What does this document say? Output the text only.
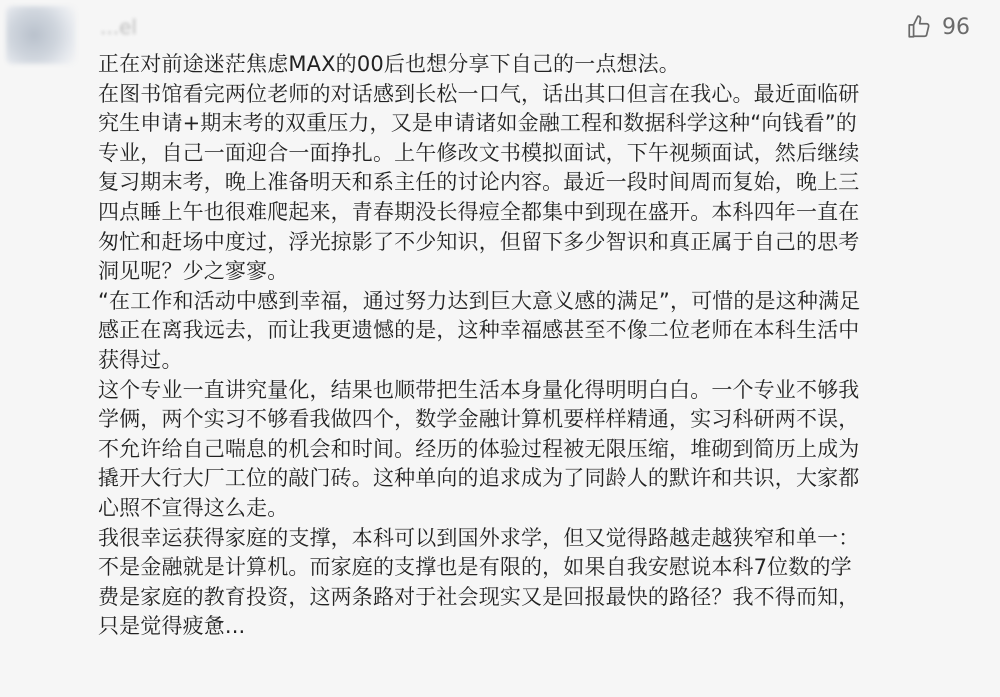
...el	96

正在对前途迷茫焦虑MAX的00后也想分享下自己的一点想法。

在图书馆看完两位老师的对话感到长松一口气，话出其口但言在我心。最近面临研
究生申请+期末考的双重压力，又是申请诸如金融工程和数据科学这种“向钱看”的
专业，自己一面迎合一面挣扎。上午修改文书模拟面试，下午视频面试，然后继续
复习期末考，晚上准备明天和系主任的讨论内容。最近一段时间周而复始，晚上三
四点睡上午也很难爬起来，青春期没长得痘全都集中到现在盛开。本科四年一直在
匆忙和赶场中度过，浮光掠影了不少知识，但留下多少智识和真正属于自己的思考
洞见呢？少之寥寥。

“在工作和活动中感到幸福，通过努力达到巨大意义感的满足”，可惜的是这种满足
感正在离我远去，而让我更遗憾的是，这种幸福感甚至不像二位老师在本科生活中
获得过。

这个专业一直讲究量化，结果也顺带把生活本身量化得明明白白。一个专业不够我
学俩，两个实习不够看我做四个，数学金融计算机要样样精通，实习科研两不误，
不允许给自己喘息的机会和时间。经历的体验过程被无限压缩，堆砌到简历上成为
撬开大行大厂工位的敲门砖。这种单向的追求成为了同龄人的默许和共识，大家都
心照不宣得这么走。

我很幸运获得家庭的支撑，本科可以到国外求学，但又觉得路越走越狭窄和单一：
不是金融就是计算机。而家庭的支撑也是有限的，如果自我安慰说本科7位数的学
费是家庭的教育投资，这两条路对于社会现实又是回报最快的路径？我不得而知，
只是觉得疲惫...
